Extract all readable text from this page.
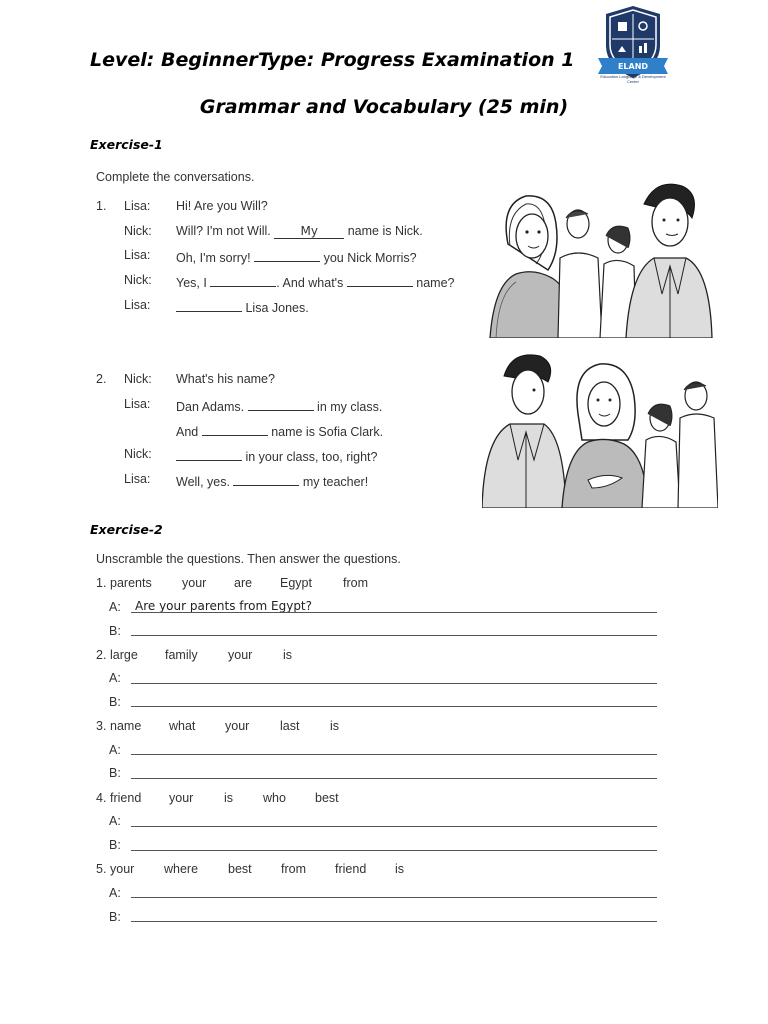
Level: Beginner Type: Progress Examination 1
Grammar and Vocabulary (25 min)
ELAND
Education Language & Development Center
Exercise-1
Complete the conversations.
1. Lisa: Hi! Are you Will?
Nick: Will? I'm not Will. My name is Nick.
Lisa: Oh, I'm sorry!	you Nick Morris?
Nick: Yes, I	. And what's	name?
Lisa:	Lisa Jones.
2. Nick: What's his name?
Lisa: Dan Adams.	in my class.
And	name is Sofia Clark.
Nick:	in your class, too, right?
Lisa: Well, yes.	my teacher!
Exercise-2
Unscramble the questions. Then answer the questions.
1. parents your are Egypt from
A: Are your parents from Egypt?
B:
2. large family your is
A:
B:
3. name what your last is
A:
B:
4. friend your is who best
A:
B:
5. your where best from friend is
A:
B:
